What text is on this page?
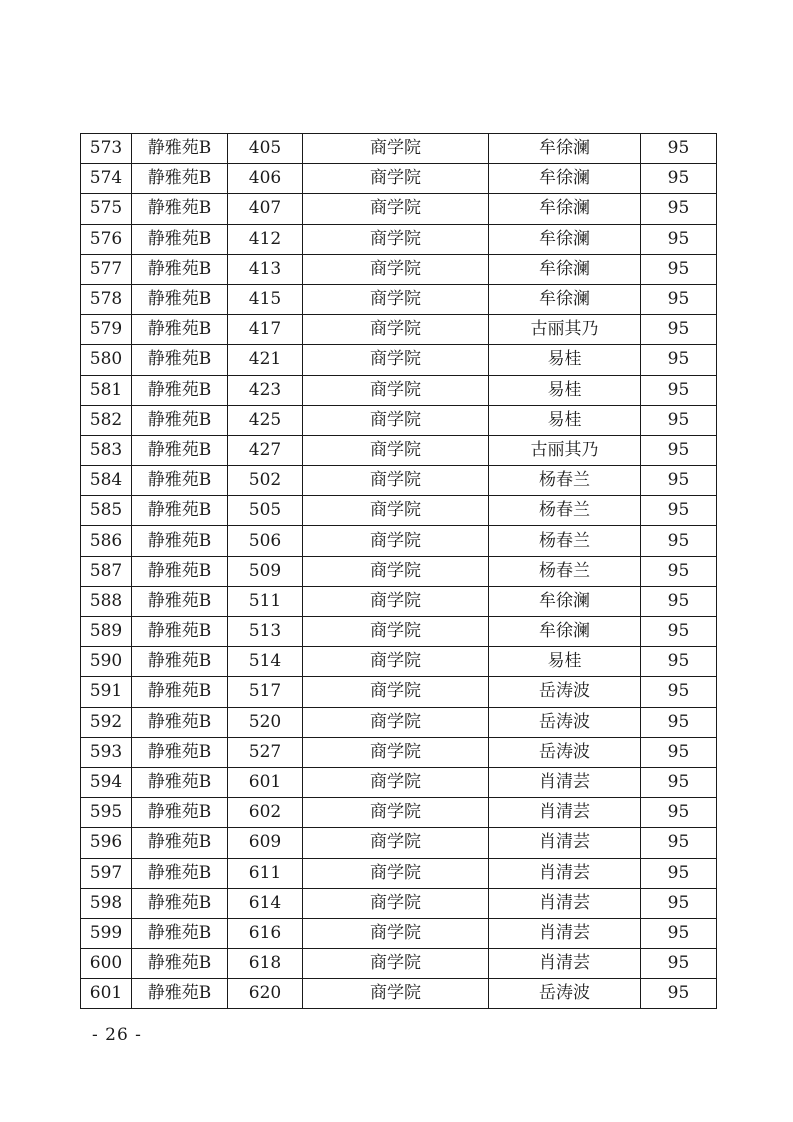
573	静雅苑B	405	商学院	牟徐澜	95
574	静雅苑B	406	商学院	牟徐澜	95
575	静雅苑B	407	商学院	牟徐澜	95
576	静雅苑B	412	商学院	牟徐澜	95
577	静雅苑B	413	商学院	牟徐澜	95
578	静雅苑B	415	商学院	牟徐澜	95
579	静雅苑B	417	商学院	古丽其乃	95
580	静雅苑B	421	商学院	易桂	95
581	静雅苑B	423	商学院	易桂	95
582	静雅苑B	425	商学院	易桂	95
583	静雅苑B	427	商学院	古丽其乃	95
584	静雅苑B	502	商学院	杨春兰	95
585	静雅苑B	505	商学院	杨春兰	95
586	静雅苑B	506	商学院	杨春兰	95
587	静雅苑B	509	商学院	杨春兰	95
588	静雅苑B	511	商学院	牟徐澜	95
589	静雅苑B	513	商学院	牟徐澜	95
590	静雅苑B	514	商学院	易桂	95
591	静雅苑B	517	商学院	岳涛波	95
592	静雅苑B	520	商学院	岳涛波	95
593	静雅苑B	527	商学院	岳涛波	95
594	静雅苑B	601	商学院	肖清芸	95
595	静雅苑B	602	商学院	肖清芸	95
596	静雅苑B	609	商学院	肖清芸	95
597	静雅苑B	611	商学院	肖清芸	95
598	静雅苑B	614	商学院	肖清芸	95
599	静雅苑B	616	商学院	肖清芸	95
600	静雅苑B	618	商学院	肖清芸	95
601	静雅苑B	620	商学院	岳涛波	95
- 26 -
